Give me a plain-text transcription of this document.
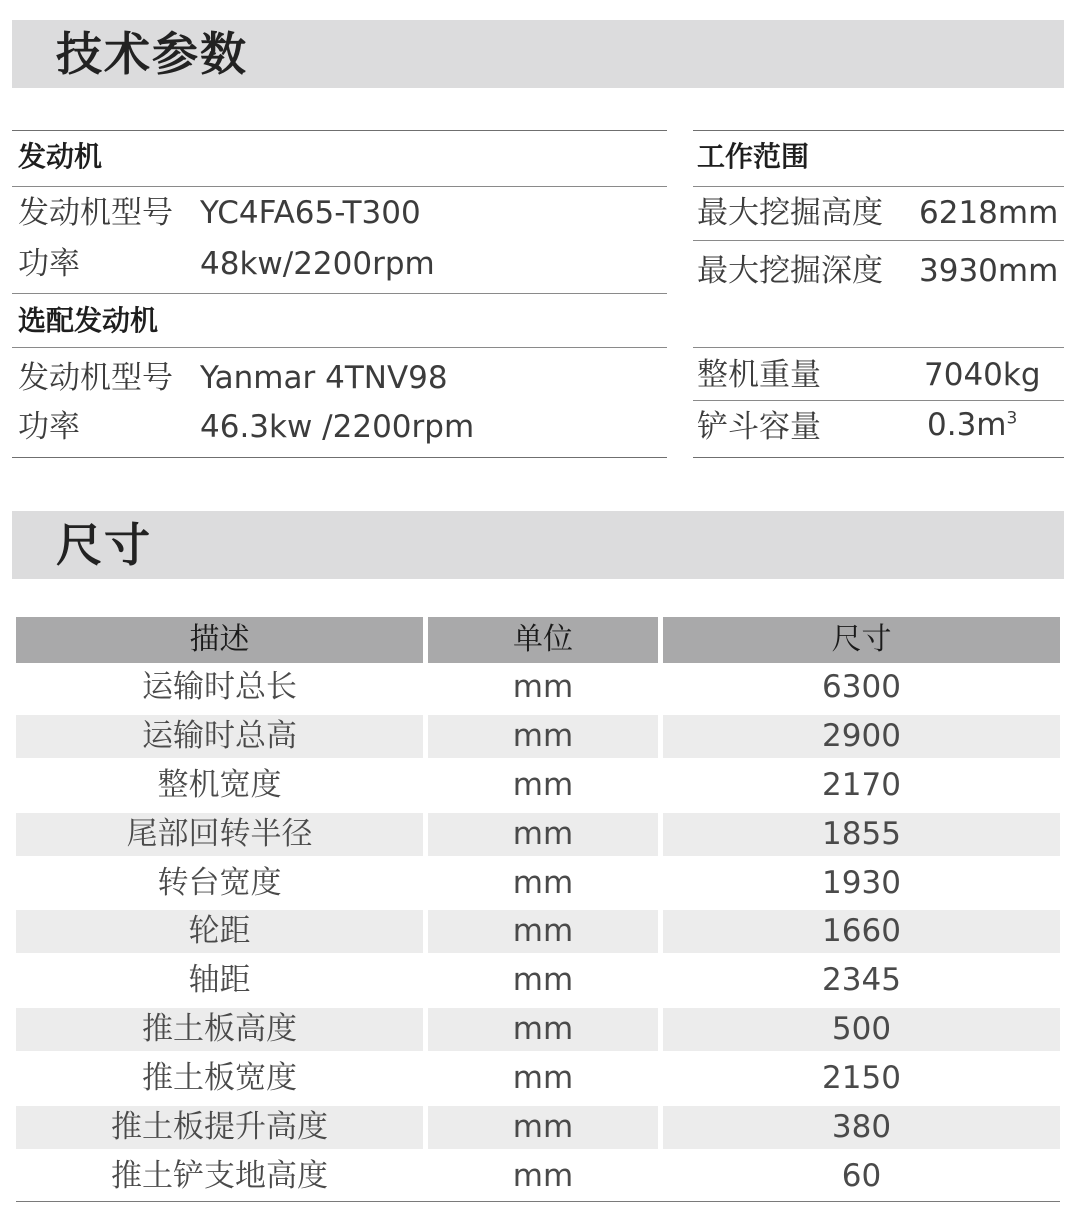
技术参数
发动机
发动机型号 YC4FA65-T300
功率	48kw/2200rpm
选配发动机
发动机型号 Yanmar 4TNV98
功率	46.3kw /2200rpm
工作范围
最大挖掘高度 6218mm
最大挖掘深度 3930mm
整机重量	7040kg
铲斗容量	$0.3m^3$
尺寸
描述	单位	尺寸
运输时总长	mm	6300
运输时总高	mm	2900
整机宽度	mm	2170
尾部回转半径	mm	1855
转台宽度	mm	1930
轮距	mm	1660
轴距	mm	2345
推土板高度	mm	500
推土板宽度	mm	2150
推土板提升高度	mm	380
推土铲支地高度	mm	60
